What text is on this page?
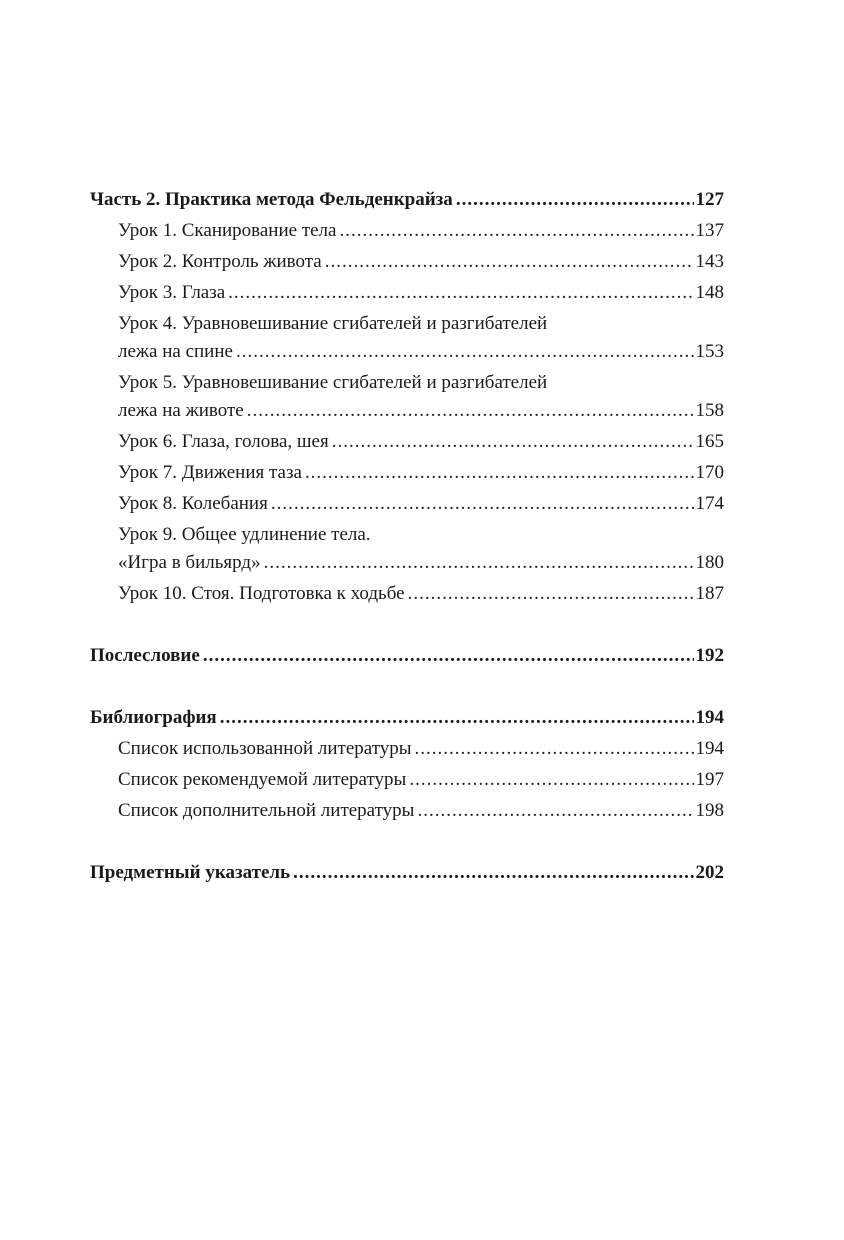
Часть 2. Практика метода Фельденкрайза .....	127
Урок 1. Сканирование тела .....	137
Урок 2. Контроль живота .....	143
Урок 3. Глаза .....	148
Урок 4. Уравновешивание сгибателей и разгибателей
лежа на спине .....	153
Урок 5. Уравновешивание сгибателей и разгибателей
лежа на животе .....	158
Урок 6. Глаза, голова, шея .....	165
Урок 7. Движения таза .....	170
Урок 8. Колебания .....	174
Урок 9. Общее удлинение тела.
«Игра в бильярд» .....	180
Урок 10. Стоя. Подготовка к ходьбе .....	187
Послесловие .....	192
Библиография .....	194
Список использованной литературы .....	194
Список рекомендуемой литературы .....	197
Список дополнительной литературы .....	198
Предметный указатель .....	202
